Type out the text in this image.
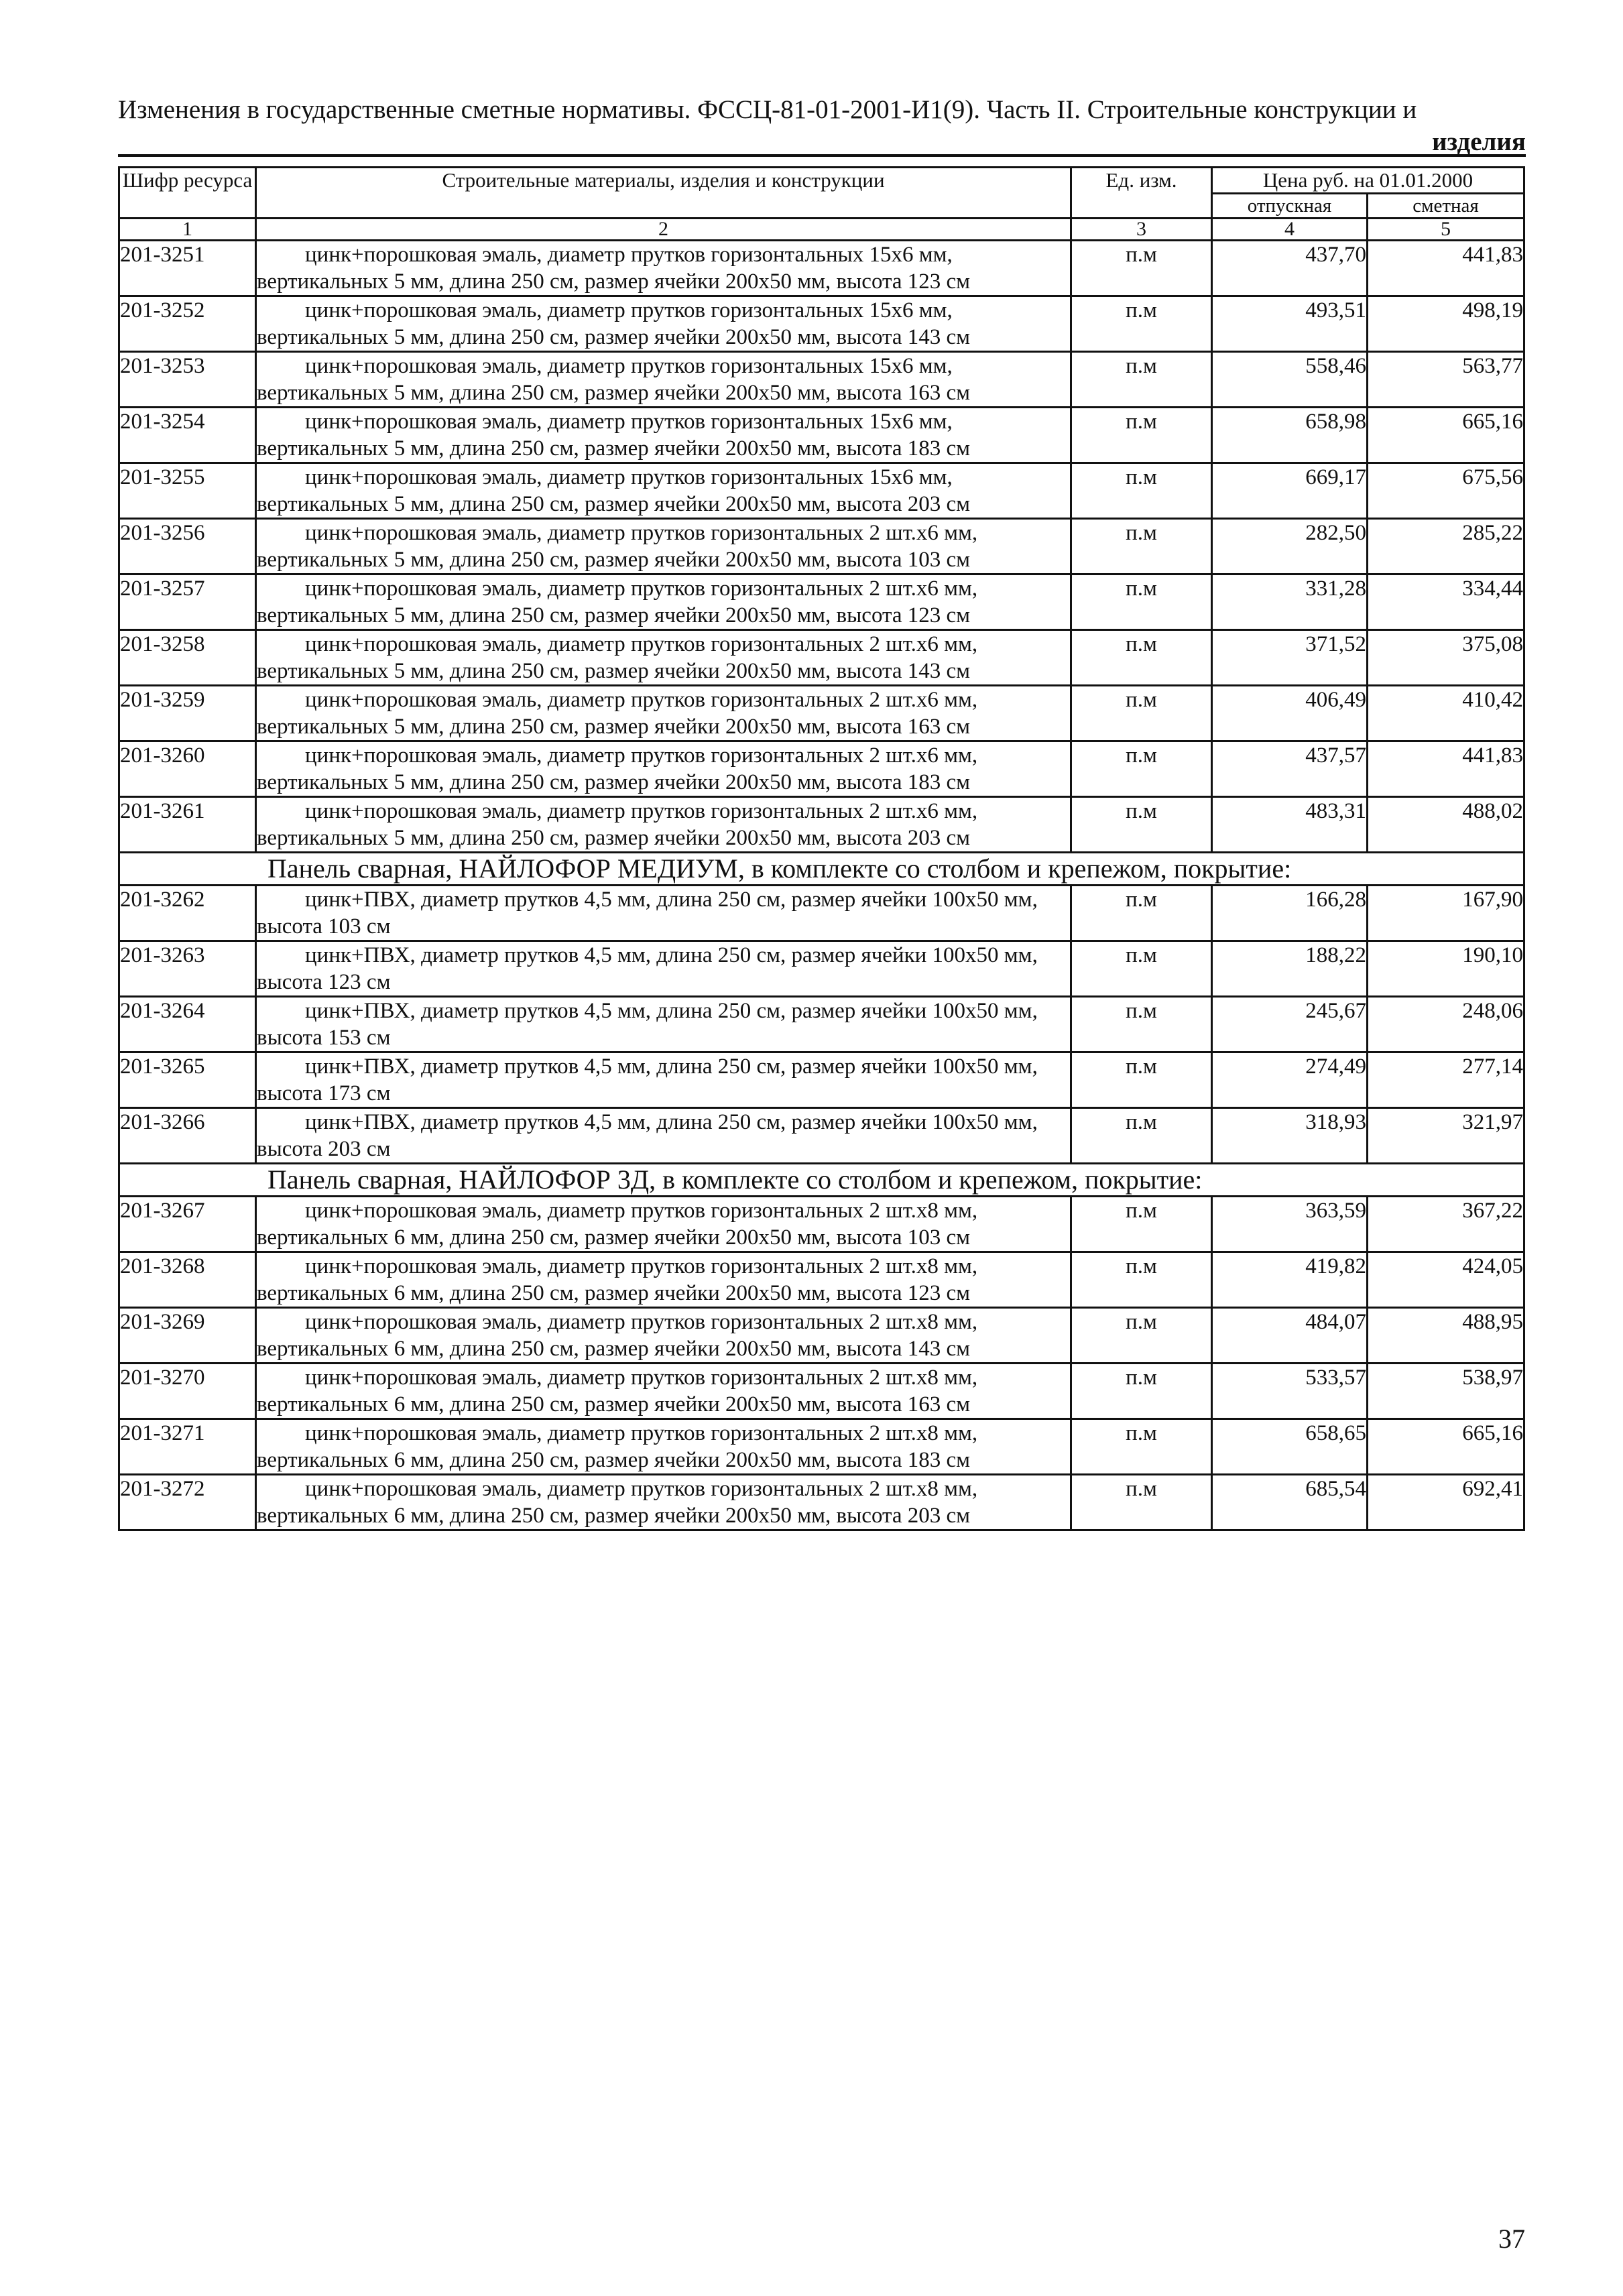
Изменения в государственные сметные нормативы. ФССЦ-81-01-2001-И1(9). Часть II. Строительные конструкции и
изделия
Шифр ресурса	Строительные материалы, изделия и конструкции	Ед. изм.	Цена руб. на 01.01.2000	
			отпускная	сметная
1	2	3	4	5
201-3251	цинк+порошковая эмаль, диаметр прутков горизонтальных 15х6 мм, вертикальных 5 мм, длина 250 см, размер ячейки 200х50 мм, высота 123 см	п.м	437,70	441,83
201-3252	цинк+порошковая эмаль, диаметр прутков горизонтальных 15х6 мм, вертикальных 5 мм, длина 250 см, размер ячейки 200х50 мм, высота 143 см	п.м	493,51	498,19
201-3253	цинк+порошковая эмаль, диаметр прутков горизонтальных 15х6 мм, вертикальных 5 мм, длина 250 см, размер ячейки 200х50 мм, высота 163 см	п.м	558,46	563,77
201-3254	цинк+порошковая эмаль, диаметр прутков горизонтальных 15х6 мм, вертикальных 5 мм, длина 250 см, размер ячейки 200х50 мм, высота 183 см	п.м	658,98	665,16
201-3255	цинк+порошковая эмаль, диаметр прутков горизонтальных 15х6 мм, вертикальных 5 мм, длина 250 см, размер ячейки 200х50 мм, высота 203 см	п.м	669,17	675,56
201-3256	цинк+порошковая эмаль, диаметр прутков горизонтальных 2 шт.х6 мм, вертикальных 5 мм, длина 250 см, размер ячейки 200х50 мм, высота 103 см	п.м	282,50	285,22
201-3257	цинк+порошковая эмаль, диаметр прутков горизонтальных 2 шт.х6 мм, вертикальных 5 мм, длина 250 см, размер ячейки 200х50 мм, высота 123 см	п.м	331,28	334,44
201-3258	цинк+порошковая эмаль, диаметр прутков горизонтальных 2 шт.х6 мм, вертикальных 5 мм, длина 250 см, размер ячейки 200х50 мм, высота 143 см	п.м	371,52	375,08
201-3259	цинк+порошковая эмаль, диаметр прутков горизонтальных 2 шт.х6 мм, вертикальных 5 мм, длина 250 см, размер ячейки 200х50 мм, высота 163 см	п.м	406,49	410,42
201-3260	цинк+порошковая эмаль, диаметр прутков горизонтальных 2 шт.х6 мм, вертикальных 5 мм, длина 250 см, размер ячейки 200х50 мм, высота 183 см	п.м	437,57	441,83
201-3261	цинк+порошковая эмаль, диаметр прутков горизонтальных 2 шт.х6 мм, вертикальных 5 мм, длина 250 см, размер ячейки 200х50 мм, высота 203 см	п.м	483,31	488,02
Панель сварная, НАЙЛОФОР МЕДИУМ, в комплекте со столбом и крепежом, покрытие:				
201-3262	цинк+ПВХ, диаметр прутков 4,5 мм, длина 250 см, размер ячейки 100х50 мм, высота 103 см	п.м	166,28	167,90
201-3263	цинк+ПВХ, диаметр прутков 4,5 мм, длина 250 см, размер ячейки 100х50 мм, высота 123 см	п.м	188,22	190,10
201-3264	цинк+ПВХ, диаметр прутков 4,5 мм, длина 250 см, размер ячейки 100х50 мм, высота 153 см	п.м	245,67	248,06
201-3265	цинк+ПВХ, диаметр прутков 4,5 мм, длина 250 см, размер ячейки 100х50 мм, высота 173 см	п.м	274,49	277,14
201-3266	цинк+ПВХ, диаметр прутков 4,5 мм, длина 250 см, размер ячейки 100х50 мм, высота 203 см	п.м	318,93	321,97
Панель сварная, НАЙЛОФОР 3Д, в комплекте со столбом и крепежом, покрытие:				
201-3267	цинк+порошковая эмаль, диаметр прутков горизонтальных 2 шт.х8 мм, вертикальных 6 мм, длина 250 см, размер ячейки 200х50 мм, высота 103 см	п.м	363,59	367,22
201-3268	цинк+порошковая эмаль, диаметр прутков горизонтальных 2 шт.х8 мм, вертикальных 6 мм, длина 250 см, размер ячейки 200х50 мм, высота 123 см	п.м	419,82	424,05
201-3269	цинк+порошковая эмаль, диаметр прутков горизонтальных 2 шт.х8 мм, вертикальных 6 мм, длина 250 см, размер ячейки 200х50 мм, высота 143 см	п.м	484,07	488,95
201-3270	цинк+порошковая эмаль, диаметр прутков горизонтальных 2 шт.х8 мм, вертикальных 6 мм, длина 250 см, размер ячейки 200х50 мм, высота 163 см	п.м	533,57	538,97
201-3271	цинк+порошковая эмаль, диаметр прутков горизонтальных 2 шт.х8 мм, вертикальных 6 мм, длина 250 см, размер ячейки 200х50 мм, высота 183 см	п.м	658,65	665,16
201-3272	цинк+порошковая эмаль, диаметр прутков горизонтальных 2 шт.х8 мм, вертикальных 6 мм, длина 250 см, размер ячейки 200х50 мм, высота 203 см	п.м	685,54	692,41
37
